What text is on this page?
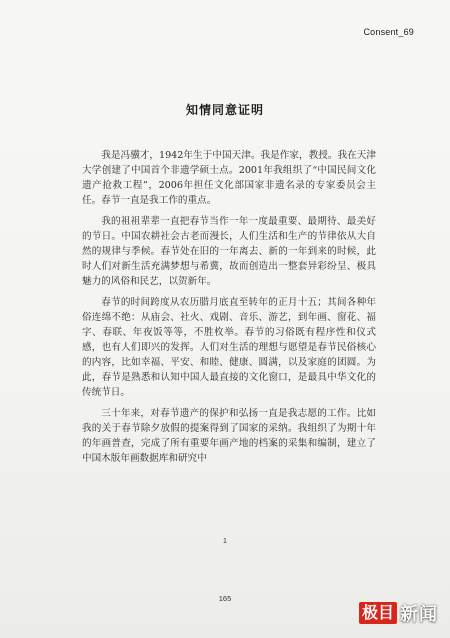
Consent_69
知情同意证明

我是冯骥才，1942年生于中国天津。我是作家，教授。我在天津大学创建了中国首个非遗学硕士点。2001年我组织了“中国民间文化遗产抢救工程”，2006年担任文化部国家非遗名录的专家委员会主任。春节一直是我工作的重点。

我的祖祖辈辈一直把春节当作一年一度最重要、最期待、最美好的节日。中国农耕社会古老而漫长，人们生活和生产的节律依从大自然的规律与季候。春节处在旧的一年离去、新的一年到来的时候，此时人们对新生活充满梦想与希冀，故而创造出一整套异彩纷呈、极具魅力的风俗和民艺，以贺新年。

春节的时间跨度从农历腊月底直至转年的正月十五；其间各种年俗连绵不绝：从庙会、社火、戏剧、音乐、游艺，到年画、窗花、福字、春联、年夜饭等等，不胜枚举。春节的习俗既有程序性和仪式感，也有人们即兴的发挥。人们对生活的理想与愿望是春节民俗核心的内容，比如幸福、平安、和睦、健康、圆满，以及家庭的团圆。为此，春节是熟悉和认知中国人最直接的文化窗口，是最具中华文化的传统节日。

三十年来，对春节遗产的保护和弘扬一直是我志愿的工作。比如我的关于春节除夕放假的提案得到了国家的采纳。我组织了为期十年的年画普查，完成了所有重要年画产地的档案的采集和编制，建立了中国木版年画数据库和研究中

1
165
极目 新闻
